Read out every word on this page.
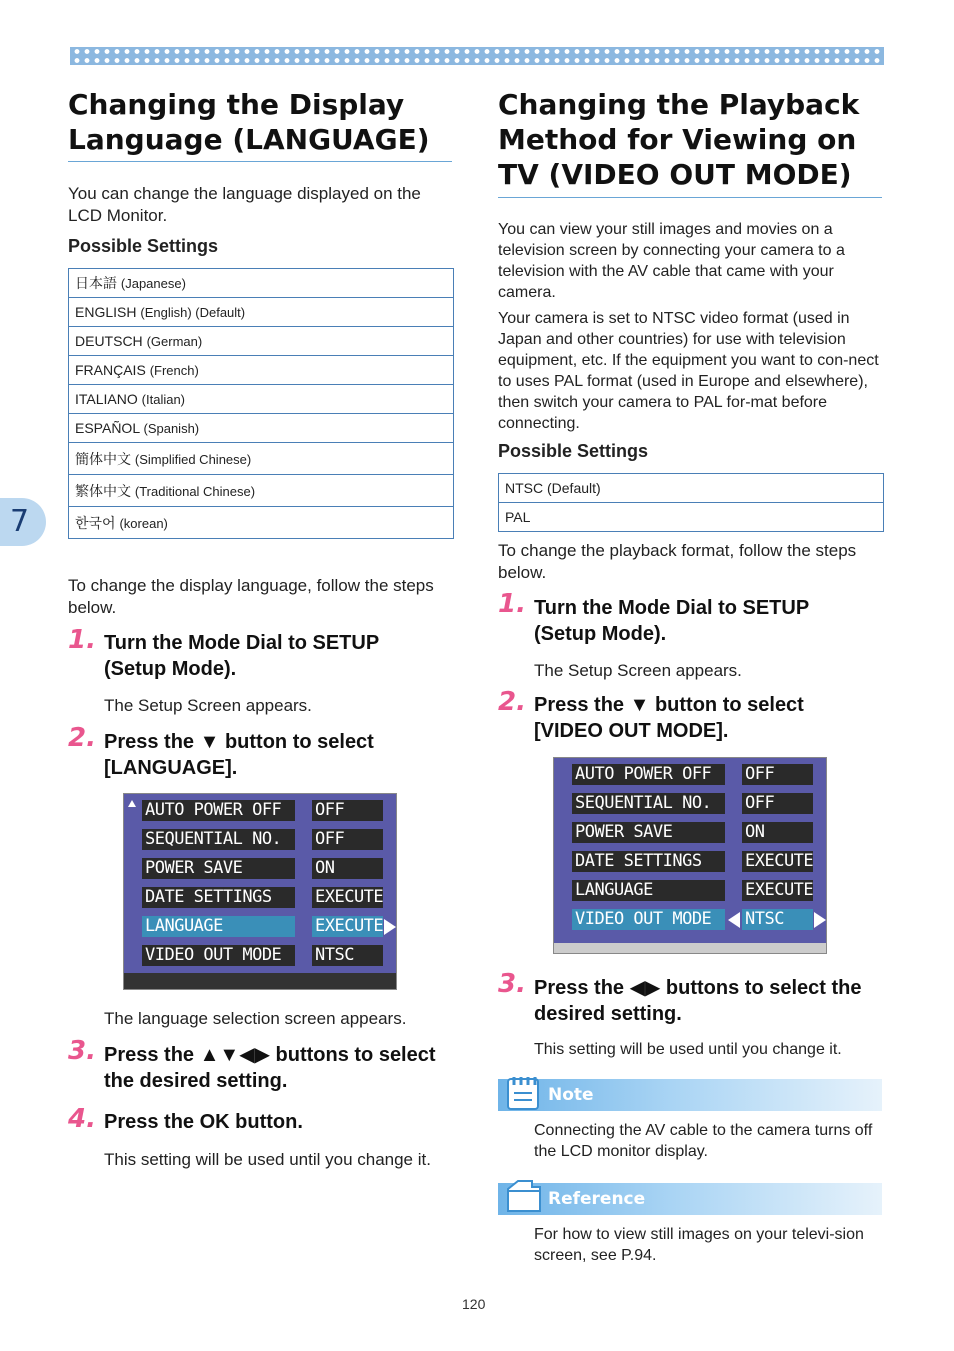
7

Changing the Display

Language (LANGUAGE)

You can change the language displayed on the LCD Monitor.
Possible Settings
日本語 (Japanese)
ENGLISH (English) (Default)
DEUTSCH (German)
FRANÇAIS (French)
ITALIANO (Italian)
ESPAÑOL (Spanish)
簡体中文 (Simplified Chinese)
繁体中文 (Traditional Chinese)
한국어 (korean)
To change the display language, follow the steps below.
1. Turn the Mode Dial to SETUP (Setup Mode).
The Setup Screen appears.
2. Press the ▼ button to select [LANGUAGE].
AUTO POWER OFF	OFF
SEQUENTIAL NO.	OFF
POWER SAVE	ON
DATE SETTINGS	EXECUTE
LANGUAGE	EXECUTE
VIDEO OUT MODE	NTSC
The language selection screen appears.
3. Press the ▲▼◀▶ buttons to select the desired setting.
4. Press the OK button.
This setting will be used until you change it.

Changing the Playback

Method for Viewing on

TV (VIDEO OUT MODE)

You can view your still images and movies on a television screen by connecting your camera to a television with the AV cable that came with your camera.
Your camera is set to NTSC video format (used in Japan and other countries) for use with television equipment, etc. If the equipment you want to con-nect to uses PAL format (used in Europe and elsewhere), then switch your camera to PAL for-mat before connecting.
Possible Settings
NTSC (Default)
PAL
To change the playback format, follow the steps below.
1. Turn the Mode Dial to SETUP (Setup Mode).
The Setup Screen appears.
2. Press the ▼ button to select [VIDEO OUT MODE].
AUTO POWER OFF	OFF
SEQUENTIAL NO.	OFF
POWER SAVE	ON
DATE SETTINGS	EXECUTE
LANGUAGE	EXECUTE
VIDEO OUT MODE	NTSC
3. Press the ◀▶ buttons to select the desired setting.
This setting will be used until you change it.
Note
Connecting the AV cable to the camera turns off the LCD monitor display.
Reference
For how to view still images on your televi-sion screen, see P.94.
120
